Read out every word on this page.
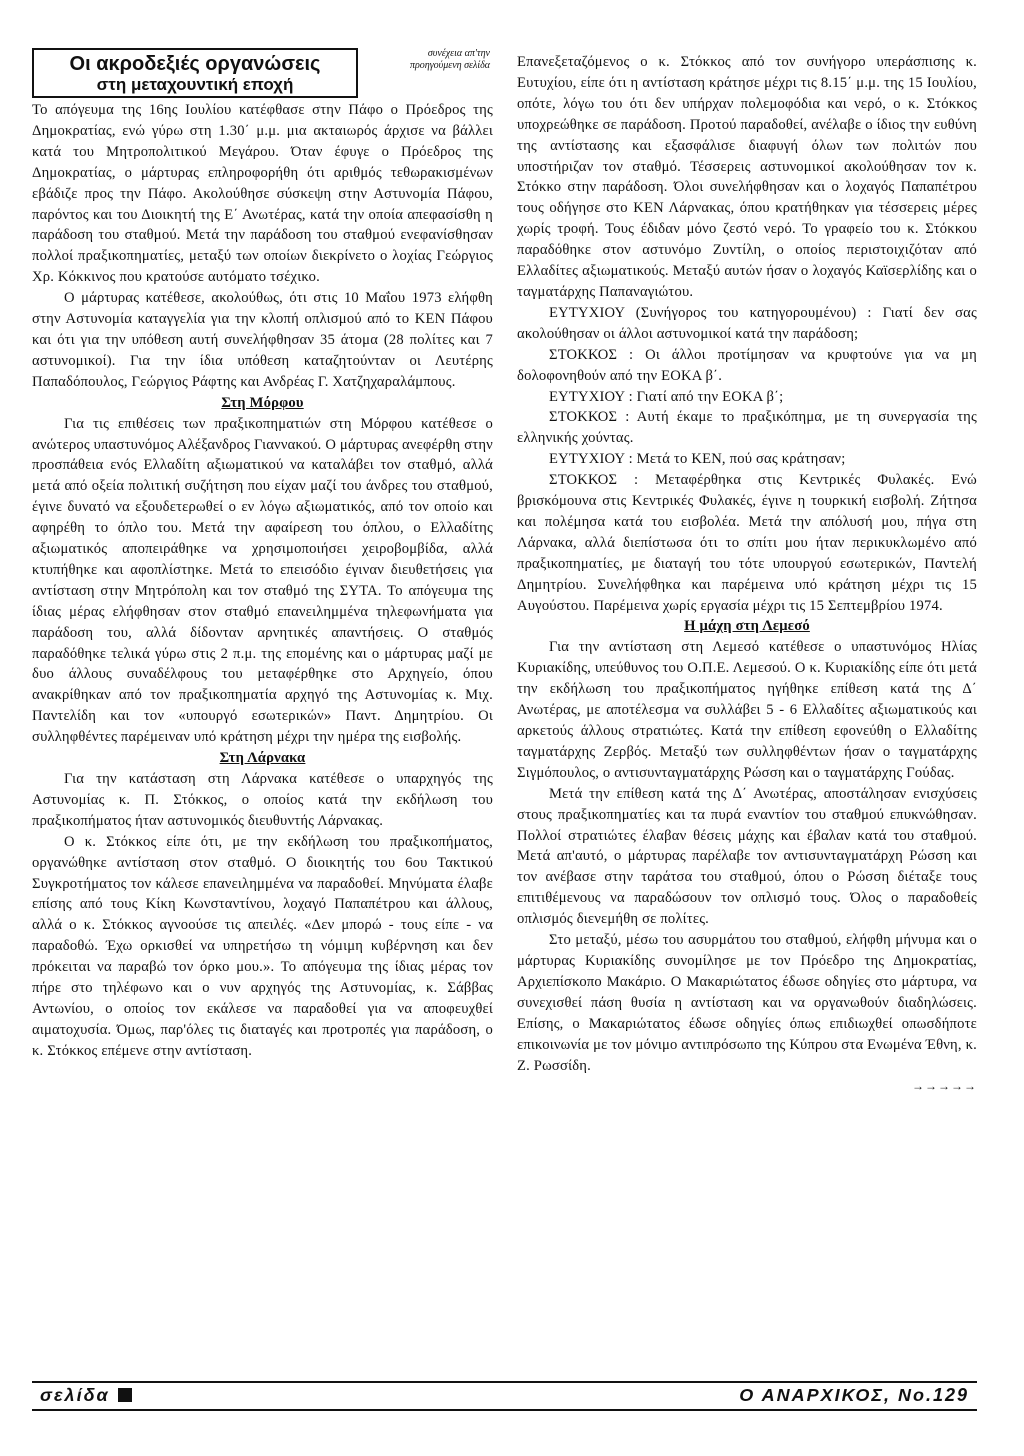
Οι ακροδεξιές οργανώσεις
στη μεταχουντική εποχή
συνέχεια απ'την
προηγούμενη σελίδα

Το απόγευμα της 16ης Ιουλίου κατέφθασε στην Πάφο ο Πρόεδρος της Δημοκρατίας, ενώ γύρω στη 1.30΄ μ.μ. μια ακταιωρός άρχισε να βάλλει κατά του Μητροπολιτικού Μεγάρου. Όταν έφυγε ο Πρόεδρος της Δημοκρατίας, ο μάρτυρας επληροφορήθη ότι αριθμός τεθωρακισμένων εβάδιζε προς την Πάφο. Ακολούθησε σύσκεψη στην Αστυνομία Πάφου, παρόντος και του Διοικητή της Ε΄ Ανωτέρας, κατά την οποία απεφασίσθη η παράδοση του σταθμού. Μετά την παράδοση του σταθμού ενεφανίσθησαν πολλοί πραξικοπηματίες, μεταξύ των οποίων διεκρίνετο ο λοχίας Γεώργιος Χρ. Κόκκινος που κρατούσε αυτόματο τσέχικο.

Ο μάρτυρας κατέθεσε, ακολούθως, ότι στις 10 Μαΐου 1973 ελήφθη στην Αστυνομία καταγγελία για την κλοπή οπλισμού από το ΚΕΝ Πάφου και ότι για την υπόθεση αυτή συνελήφθησαν 35 άτομα (28 πολίτες και 7 αστυνομικοί). Για την ίδια υπόθεση καταζητούνταν οι Λευτέρης Παπαδόπουλος, Γεώργιος Ράφτης και Ανδρέας Γ. Χατζηχαραλάμπους.

Στη Μόρφου

Για τις επιθέσεις των πραξικοπηματιών στη Μόρφου κατέθεσε ο ανώτερος υπαστυνόμος Αλέξανδρος Γιαννακού. Ο μάρτυρας ανεφέρθη στην προσπάθεια ενός Ελλαδίτη αξιωματικού να καταλάβει τον σταθμό, αλλά μετά από οξεία πολιτική συζήτηση που είχαν μαζί του άνδρες του σταθμού, έγινε δυνατό να εξουδετερωθεί ο εν λόγω αξιωματικός, από τον οποίο και αφηρέθη το όπλο του. Μετά την αφαίρεση του όπλου, ο Ελλαδίτης αξιωματικός αποπειράθηκε να χρησιμοποιήσει χειροβομβίδα, αλλά κτυπήθηκε και αφοπλίστηκε. Μετά το επεισόδιο έγιναν διευθετήσεις για αντίσταση στην Μητρόπολη και τον σταθμό της ΣΥΤΑ. Το απόγευμα της ίδιας μέρας ελήφθησαν στον σταθμό επανειλημμένα τηλεφωνήματα για παράδοση του, αλλά δίδονταν αρνητικές απαντήσεις. Ο σταθμός παραδόθηκε τελικά γύρω στις 2 π.μ. της επομένης και ο μάρτυρας μαζί με δυο άλλους συναδέλφους του μεταφέρθηκε στο Αρχηγείο, όπου ανακρίθηκαν από τον πραξικοπηματία αρχηγό της Αστυνομίας κ. Μιχ. Παντελίδη και τον «υπουργό εσωτερικών» Παντ. Δημητρίου. Οι συλληφθέντες παρέμειναν υπό κράτηση μέχρι την ημέρα της εισβολής.

Στη Λάρνακα

Για την κατάσταση στη Λάρνακα κατέθεσε ο υπαρχηγός της Αστυνομίας κ. Π. Στόκκος, ο οποίος κατά την εκδήλωση του πραξικοπήματος ήταν αστυνομικός διευθυντής Λάρνακας.

Ο κ. Στόκκος είπε ότι, με την εκδήλωση του πραξικοπήματος, οργανώθηκε αντίσταση στον σταθμό. Ο διοικητής του 6ου Τακτικού Συγκροτήματος τον κάλεσε επανειλημμένα να παραδοθεί. Μηνύματα έλαβε επίσης από τους Κίκη Κωνσταντίνου, λοχαγό Παπαπέτρου και άλλους, αλλά ο κ. Στόκκος αγνοούσε τις απειλές. «Δεν μπορώ - τους είπε - να παραδοθώ. Έχω ορκισθεί να υπηρετήσω τη νόμιμη κυβέρνηση και δεν πρόκειται να παραβώ τον όρκο μου.». Το απόγευμα της ίδιας μέρας τον πήρε στο τηλέφωνο και ο νυν αρχηγός της Αστυνομίας, κ. Σάββας Αντωνίου, ο οποίος τον εκάλεσε να παραδοθεί για να αποφευχθεί αιματοχυσία. Όμως, παρ'όλες τις διαταγές και προτροπές για παράδοση, ο κ. Στόκκος επέμενε στην αντίσταση.

Επανεξεταζόμενος ο κ. Στόκκος από τον συνήγορο υπεράσπισης κ. Ευτυχίου, είπε ότι η αντίσταση κράτησε μέχρι τις 8.15΄ μ.μ. της 15 Ιουλίου, οπότε, λόγω του ότι δεν υπήρχαν πολεμοφόδια και νερό, ο κ. Στόκκος υποχρεώθηκε σε παράδοση. Προτού παραδοθεί, ανέλαβε ο ίδιος την ευθύνη της αντίστασης και εξασφάλισε διαφυγή όλων των πολιτών που υποστήριζαν τον σταθμό. Τέσσερεις αστυνομικοί ακολούθησαν τον κ. Στόκκο στην παράδοση. Όλοι συνελήφθησαν και ο λοχαγός Παπαπέτρου τους οδήγησε στο ΚΕΝ Λάρνακας, όπου κρατήθηκαν για τέσσερεις μέρες χωρίς τροφή. Τους έδιδαν μόνο ζεστό νερό. Το γραφείο του κ. Στόκκου παραδόθηκε στον αστυνόμο Ζυντίλη, ο οποίος περιστοιχιζόταν από Ελλαδίτες αξιωματικούς. Μεταξύ αυτών ήσαν ο λοχαγός Καϊσερλίδης και ο ταγματάρχης Παπαναγιώτου.

ΕΥΤΥΧΙΟΥ (Συνήγορος του κατηγορουμένου) : Γιατί δεν σας ακολούθησαν οι άλλοι αστυνομικοί κατά την παράδοση;

ΣΤΟΚΚΟΣ : Οι άλλοι προτίμησαν να κρυφτούνε για να μη δολοφονηθούν από την ΕΟΚΑ β΄.

ΕΥΤΥΧΙΟΥ : Γιατί από την ΕΟΚΑ β΄;

ΣΤΟΚΚΟΣ : Αυτή έκαμε το πραξικόπημα, με τη συνεργασία της ελληνικής χούντας.

ΕΥΤΥΧΙΟΥ : Μετά το ΚΕΝ, πού σας κράτησαν;

ΣΤΟΚΚΟΣ : Μεταφέρθηκα στις Κεντρικές Φυλακές. Ενώ βρισκόμουνα στις Κεντρικές Φυλακές, έγινε η τουρκική εισβολή. Ζήτησα και πολέμησα κατά του εισβολέα. Μετά την απόλυσή μου, πήγα στη Λάρνακα, αλλά διεπίστωσα ότι το σπίτι μου ήταν περικυκλωμένο από πραξικοπηματίες, με διαταγή του τότε υπουργού εσωτερικών, Παντελή Δημητρίου. Συνελήφθηκα και παρέμεινα υπό κράτηση μέχρι τις 15 Αυγούστου. Παρέμεινα χωρίς εργασία μέχρι τις 15 Σεπτεμβρίου 1974.

Η μάχη στη Λεμεσό

Για την αντίσταση στη Λεμεσό κατέθεσε ο υπαστυνόμος Ηλίας Κυριακίδης, υπεύθυνος του Ο.Π.Ε. Λεμεσού. Ο κ. Κυριακίδης είπε ότι μετά την εκδήλωση του πραξικοπήματος ηγήθηκε επίθεση κατά της Δ΄ Ανωτέρας, με αποτέλεσμα να συλλάβει 5 - 6 Ελλαδίτες αξιωματικούς και αρκετούς άλλους στρατιώτες. Κατά την επίθεση εφονεύθη ο Ελλαδίτης ταγματάρχης Ζερβός. Μεταξύ των συλληφθέντων ήσαν ο ταγματάρχης Σιγμόπουλος, ο αντισυνταγματάρχης Ρώσση και ο ταγματάρχης Γούδας.

Μετά την επίθεση κατά της Δ΄ Ανωτέρας, αποστάλησαν ενισχύσεις στους πραξικοπηματίες και τα πυρά εναντίον του σταθμού επυκνώθησαν. Πολλοί στρατιώτες έλαβαν θέσεις μάχης και έβαλαν κατά του σταθμού. Μετά απ'αυτό, ο μάρτυρας παρέλαβε τον αντισυνταγματάρχη Ρώσση και τον ανέβασε στην ταράτσα του σταθμού, όπου ο Ρώσση διέταξε τους επιτιθέμενους να παραδώσουν τον οπλισμό τους. Όλος ο παραδοθείς οπλισμός διενεμήθη σε πολίτες.

Στο μεταξύ, μέσω του ασυρμάτου του σταθμού, ελήφθη μήνυμα και ο μάρτυρας Κυριακίδης συνομίλησε με τον Πρόεδρο της Δημοκρατίας, Αρχιεπίσκοπο Μακάριο. Ο Μακαριώτατος έδωσε οδηγίες στο μάρτυρα, να συνεχισθεί πάση θυσία η αντίσταση και να οργανωθούν διαδηλώσεις. Επίσης, ο Μακαριώτατος έδωσε οδηγίες όπως επιδιωχθεί οπωσδήποτε επικοινωνία με τον μόνιμο αντιπρόσωπο της Κύπρου στα Ενωμένα Έθνη, κ. Ζ. Ρωσσίδη.

→→→→→

σελίδα	Ο ΑΝΑΡΧΙΚΟΣ, Νο.129
